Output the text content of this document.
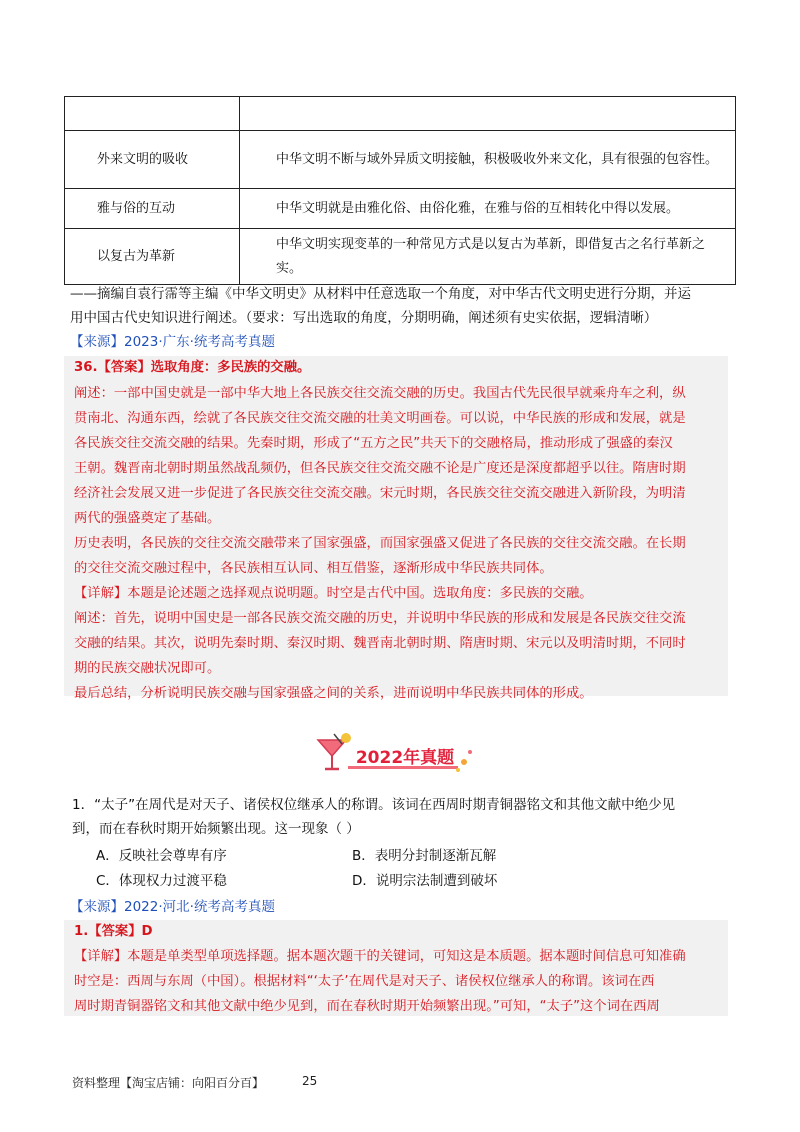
外来文明的吸收	中华文明不断与域外异质文明接触，积极吸收外来文化，具有很强的包容性。
雅与俗的互动	中华文明就是由雅化俗、由俗化雅，在雅与俗的互相转化中得以发展。
以复古为革新	中华文明实现变革的一种常见方式是以复古为革新，即借复古之名行革新之实。
——摘编自袁行霈等主编《中华文明史》从材料中任意选取一个角度，对中华古代文明史进行分期，并运
用中国古代史知识进行阐述。（要求：写出选取的角度，分期明确，阐述须有史实依据，逻辑清晰）
【来源】2023·广东·统考高考真题
36.【答案】选取角度：多民族的交融。
阐述：一部中国史就是一部中华大地上各民族交往交流交融的历史。我国古代先民很早就乘舟车之利，纵
贯南北、沟通东西，绘就了各民族交往交流交融的壮美文明画卷。可以说，中华民族的形成和发展，就是
各民族交往交流交融的结果。先秦时期，形成了“五方之民”共天下的交融格局，推动形成了强盛的秦汉
王朝。魏晋南北朝时期虽然战乱频仍，但各民族交往交流交融不论是广度还是深度都超乎以往。隋唐时期
经济社会发展又进一步促进了各民族交往交流交融。宋元时期，各民族交往交流交融进入新阶段，为明清
两代的强盛奠定了基础。
历史表明，各民族的交往交流交融带来了国家强盛，而国家强盛又促进了各民族的交往交流交融。在长期
的交往交流交融过程中，各民族相互认同、相互借鉴，逐渐形成中华民族共同体。
【详解】本题是论述题之选择观点说明题。时空是古代中国。选取角度：多民族的交融。
阐述：首先，说明中国史是一部各民族交流交融的历史，并说明中华民族的形成和发展是各民族交往交流
交融的结果。其次，说明先秦时期、秦汉时期、魏晋南北朝时期、隋唐时期、宋元以及明清时期，不同时
期的民族交融状况即可。
最后总结，分析说明民族交融与国家强盛之间的关系，进而说明中华民族共同体的形成。
2022年真题
1．“太子”在周代是对天子、诸侯权位继承人的称谓。该词在西周时期青铜器铭文和其他文献中绝少见
到，而在春秋时期开始频繁出现。这一现象（ ）
A．反映社会尊卑有序	B．表明分封制逐渐瓦解
C．体现权力过渡平稳	D．说明宗法制遭到破坏
【来源】2022·河北·统考高考真题
1.【答案】D
【详解】本题是单类型单项选择题。据本题次题干的关键词，可知这是本质题。据本题时间信息可知准确
时空是：西周与东周（中国）。根据材料“‘太子’在周代是对天子、诸侯权位继承人的称谓。该词在西
周时期青铜器铭文和其他文献中绝少见到，而在春秋时期开始频繁出现。”可知，“太子”这个词在西周
资料整理【淘宝店铺：向阳百分百】	25
